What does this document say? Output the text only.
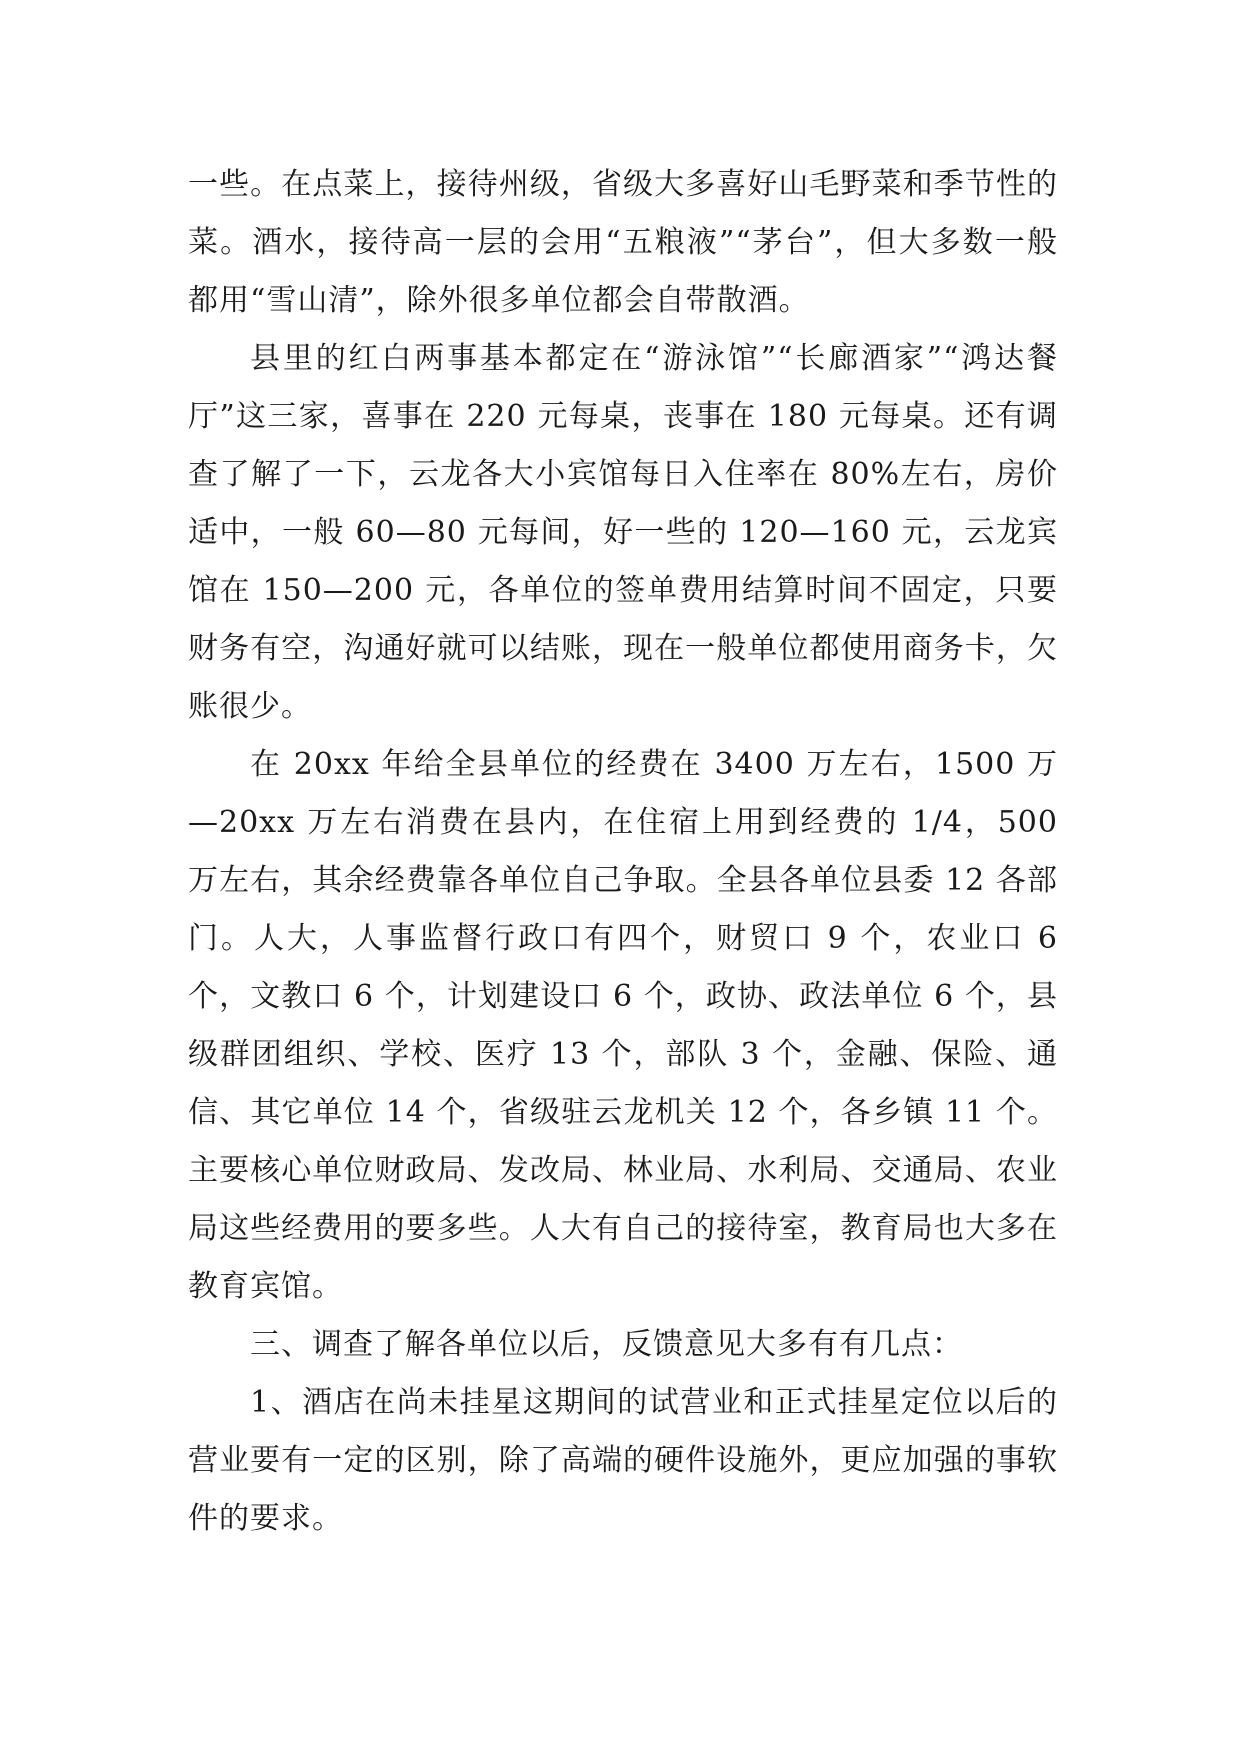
一些。在点菜上，接待州级，省级大多喜好山毛野菜和季节性的菜。酒水，接待高一层的会用“五粮液”“茅台”，但大多数一般都用“雪山清”，除外很多单位都会自带散酒。

县里的红白两事基本都定在“游泳馆”“长廊酒家”“鸿达餐厅”这三家，喜事在 220 元每桌，丧事在 180 元每桌。还有调查了解了一下，云龙各大小宾馆每日入住率在 80%左右，房价适中，一般 60—80 元每间，好一些的 120—160 元，云龙宾馆在 150—200 元，各单位的签单费用结算时间不固定，只要财务有空，沟通好就可以结账，现在一般单位都使用商务卡，欠账很少。

在 20xx 年给全县单位的经费在 3400 万左右，1500 万—20xx 万左右消费在县内，在住宿上用到经费的 1/4，500 万左右，其余经费靠各单位自己争取。全县各单位县委 12 各部门。人大，人事监督行政口有四个，财贸口 9 个，农业口 6 个，文教口 6 个，计划建设口 6 个，政协、政法单位 6 个，县级群团组织、学校、医疗 13 个，部队 3 个，金融、保险、通信、其它单位 14 个，省级驻云龙机关 12 个，各乡镇 11 个。主要核心单位财政局、发改局、林业局、水利局、交通局、农业局这些经费用的要多些。人大有自己的接待室，教育局也大多在教育宾馆。

三、调查了解各单位以后，反馈意见大多有有几点：

1、酒店在尚未挂星这期间的试营业和正式挂星定位以后的营业要有一定的区别，除了高端的硬件设施外，更应加强的事软件的要求。
